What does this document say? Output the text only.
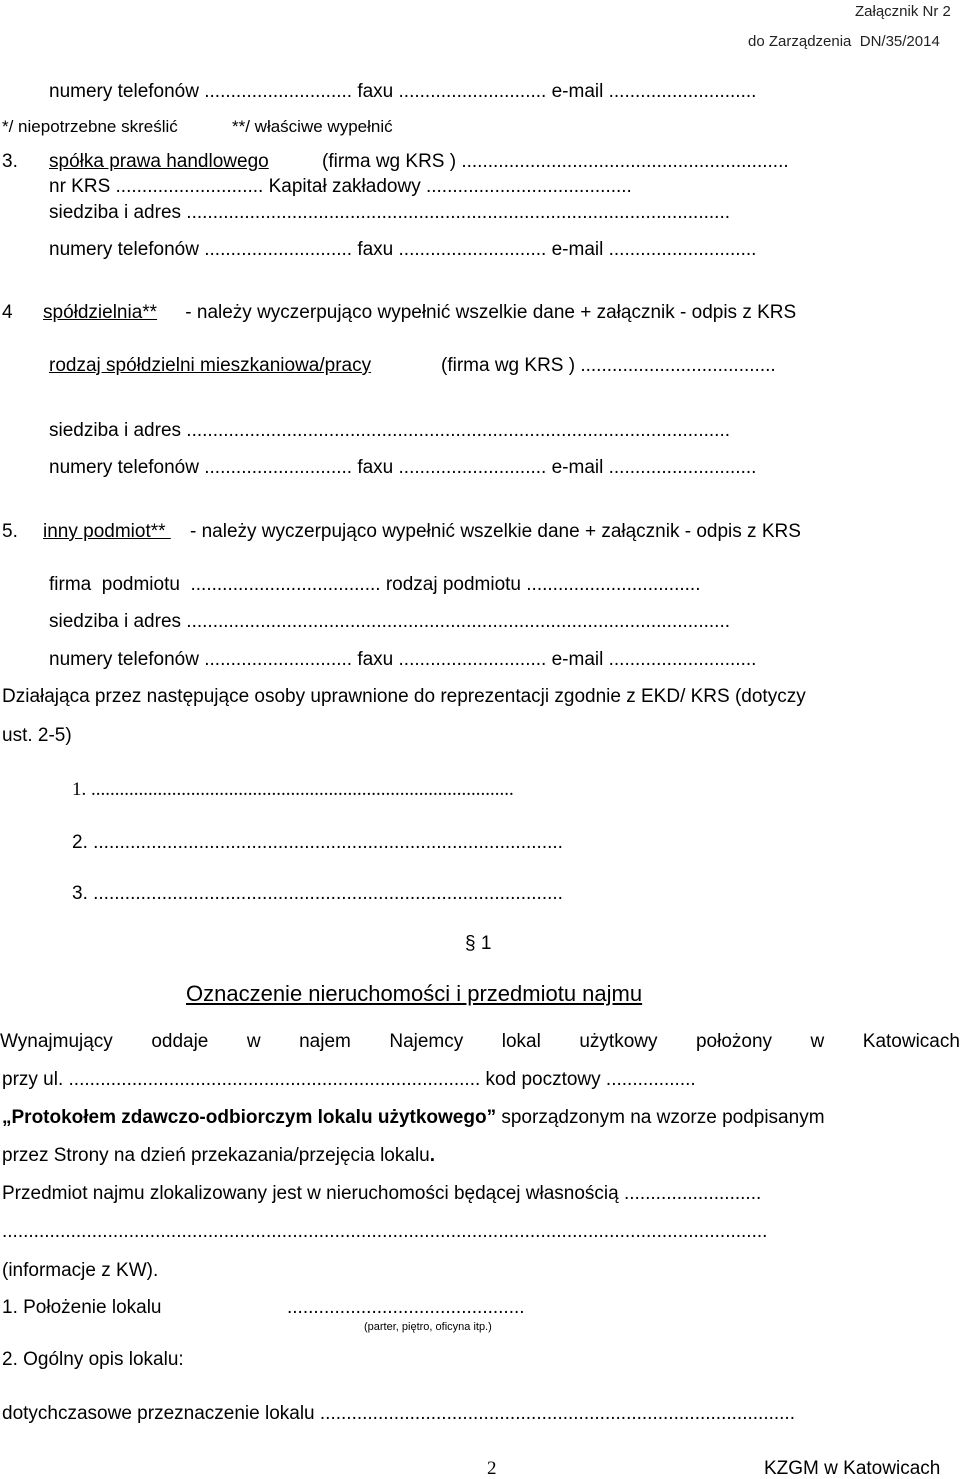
Załącznik Nr 2
do Zarządzenia  DN/35/2014
numery telefonów ............................ faxu ............................ e-mail ............................
*/ niepotrzebne skreślić	**/ właściwe wypełnić
3. spółka prawa handlowego	(firma wg KRS ) ..............................................................
nr KRS ............................ Kapitał zakładowy .......................................
siedziba i adres .......................................................................................................
numery telefonów ............................ faxu ............................ e-mail ............................
4 spółdzielnia** - należy wyczerpująco wypełnić wszelkie dane + załącznik - odpis z KRS
rodzaj spółdzielni mieszkaniowa/pracy	(firma wg KRS ) .....................................
siedziba i adres .......................................................................................................
numery telefonów ............................ faxu ............................ e-mail ............................
5. inny podmiot** - należy wyczerpująco wypełnić wszelkie dane + załącznik - odpis z KRS
firma  podmiotu  .................................... rodzaj podmiotu .................................
siedziba i adres .......................................................................................................
numery telefonów ............................ faxu ............................ e-mail ............................
Działająca przez następujące osoby uprawnione do reprezentacji zgodnie z EKD/ KRS (dotyczy
ust. 2-5)
1. .........................................................................................
2. .........................................................................................
3. .........................................................................................
§ 1
Oznaczenie nieruchomości i przedmiotu najmu
Wynajmujący oddaje w najem Najemcy lokal użytkowy położony w Katowicach
przy ul. .............................................................................. kod pocztowy .................
„Protokołem zdawczo-odbiorczym lokalu użytkowego” sporządzonym na wzorze podpisanym
przez Strony na dzień przekazania/przejęcia lokalu.
Przedmiot najmu zlokalizowany jest w nieruchomości będącej własnością ..........................
.................................................................................................................................................
(informacje z KW).
1. Położenie lokalu	.............................................
(parter, piętro, oficyna itp.)
2. Ogólny opis lokalu:
dotychczasowe przeznaczenie lokalu ..........................................................................................
2	KZGM w Katowicach
